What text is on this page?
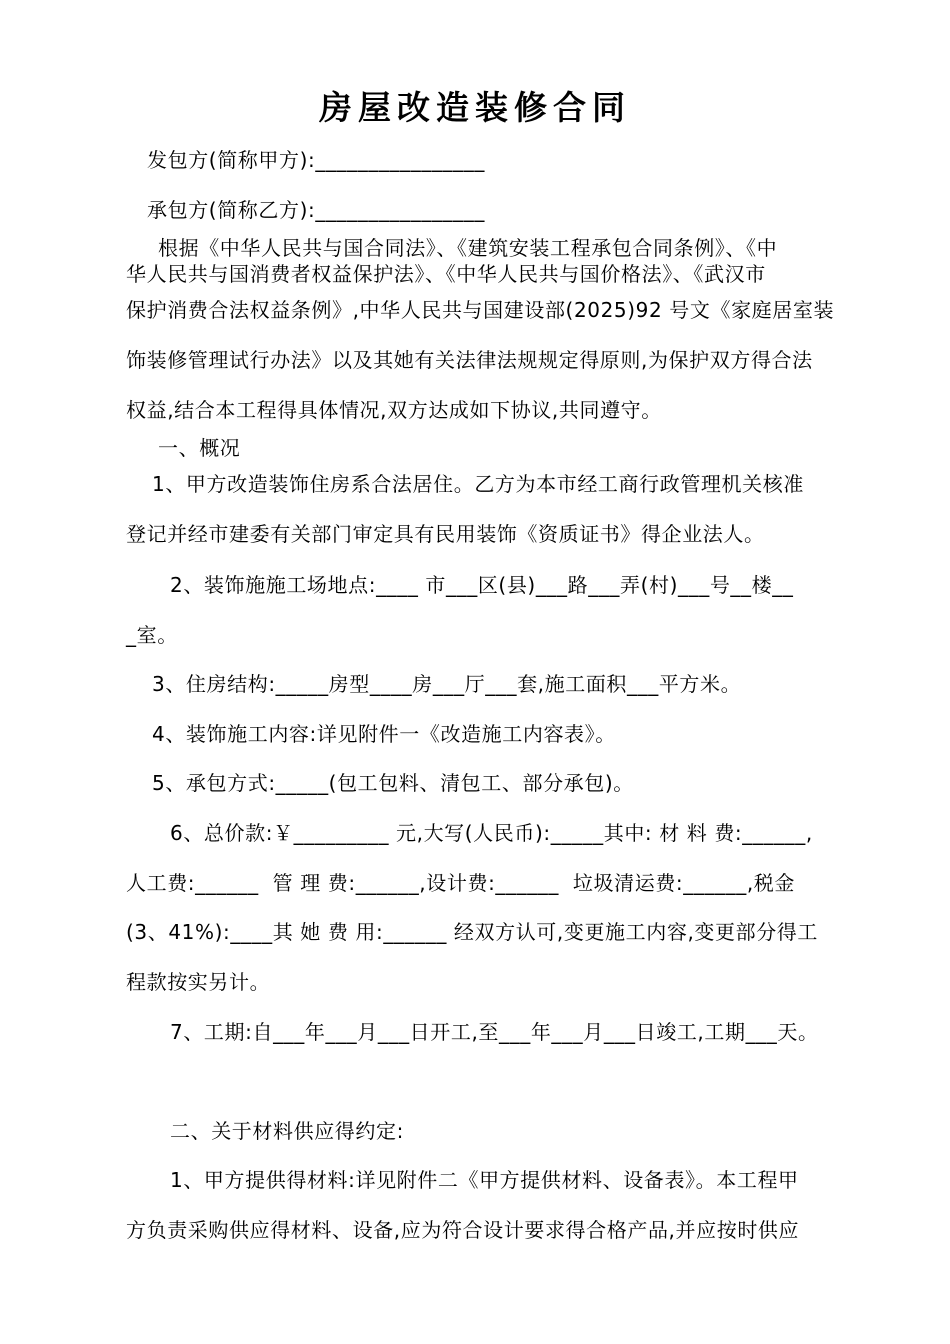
房屋改造装修合同
发包方(简称甲方):________________
承包方(简称乙方):________________
根据《中华人民共与国合同法》、《建筑安装工程承包合同条例》、《中
华人民共与国消费者权益保护法》、《中华人民共与国价格法》、《武汉市
保护消费合法权益条例》,中华人民共与国建设部(2025)92 号文《家庭居室装
饰装修管理试行办法》以及其她有关法律法规规定得原则,为保护双方得合法
权益,结合本工程得具体情况,双方达成如下协议,共同遵守。
一、概况
1、甲方改造装饰住房系合法居住。乙方为本市经工商行政管理机关核准
登记并经市建委有关部门审定具有民用装饰《资质证书》得企业法人。
2、装饰施施工场地点:____ 市___区(县)___路___弄(村)___号__楼__
_室。
3、住房结构:_____房型____房___厅___套,施工面积___平方米。
4、装饰施工内容:详见附件一《改造施工内容表》。
5、承包方式:_____(包工包料、清包工、部分承包)。
6、总价款:￥_________ 元,大写(人民币):_____其中: 材 料 费:______,
人工费:______  管 理 费:______,设计费:______  垃圾清运费:______,税金
(3、41%):____其 她 费 用:______ 经双方认可,变更施工内容,变更部分得工
程款按实另计。
7、工期:自___年___月___日开工,至___年___月___日竣工,工期___天。
二、关于材料供应得约定:
1、甲方提供得材料:详见附件二《甲方提供材料、设备表》。本工程甲
方负责采购供应得材料、设备,应为符合设计要求得合格产品,并应按时供应
